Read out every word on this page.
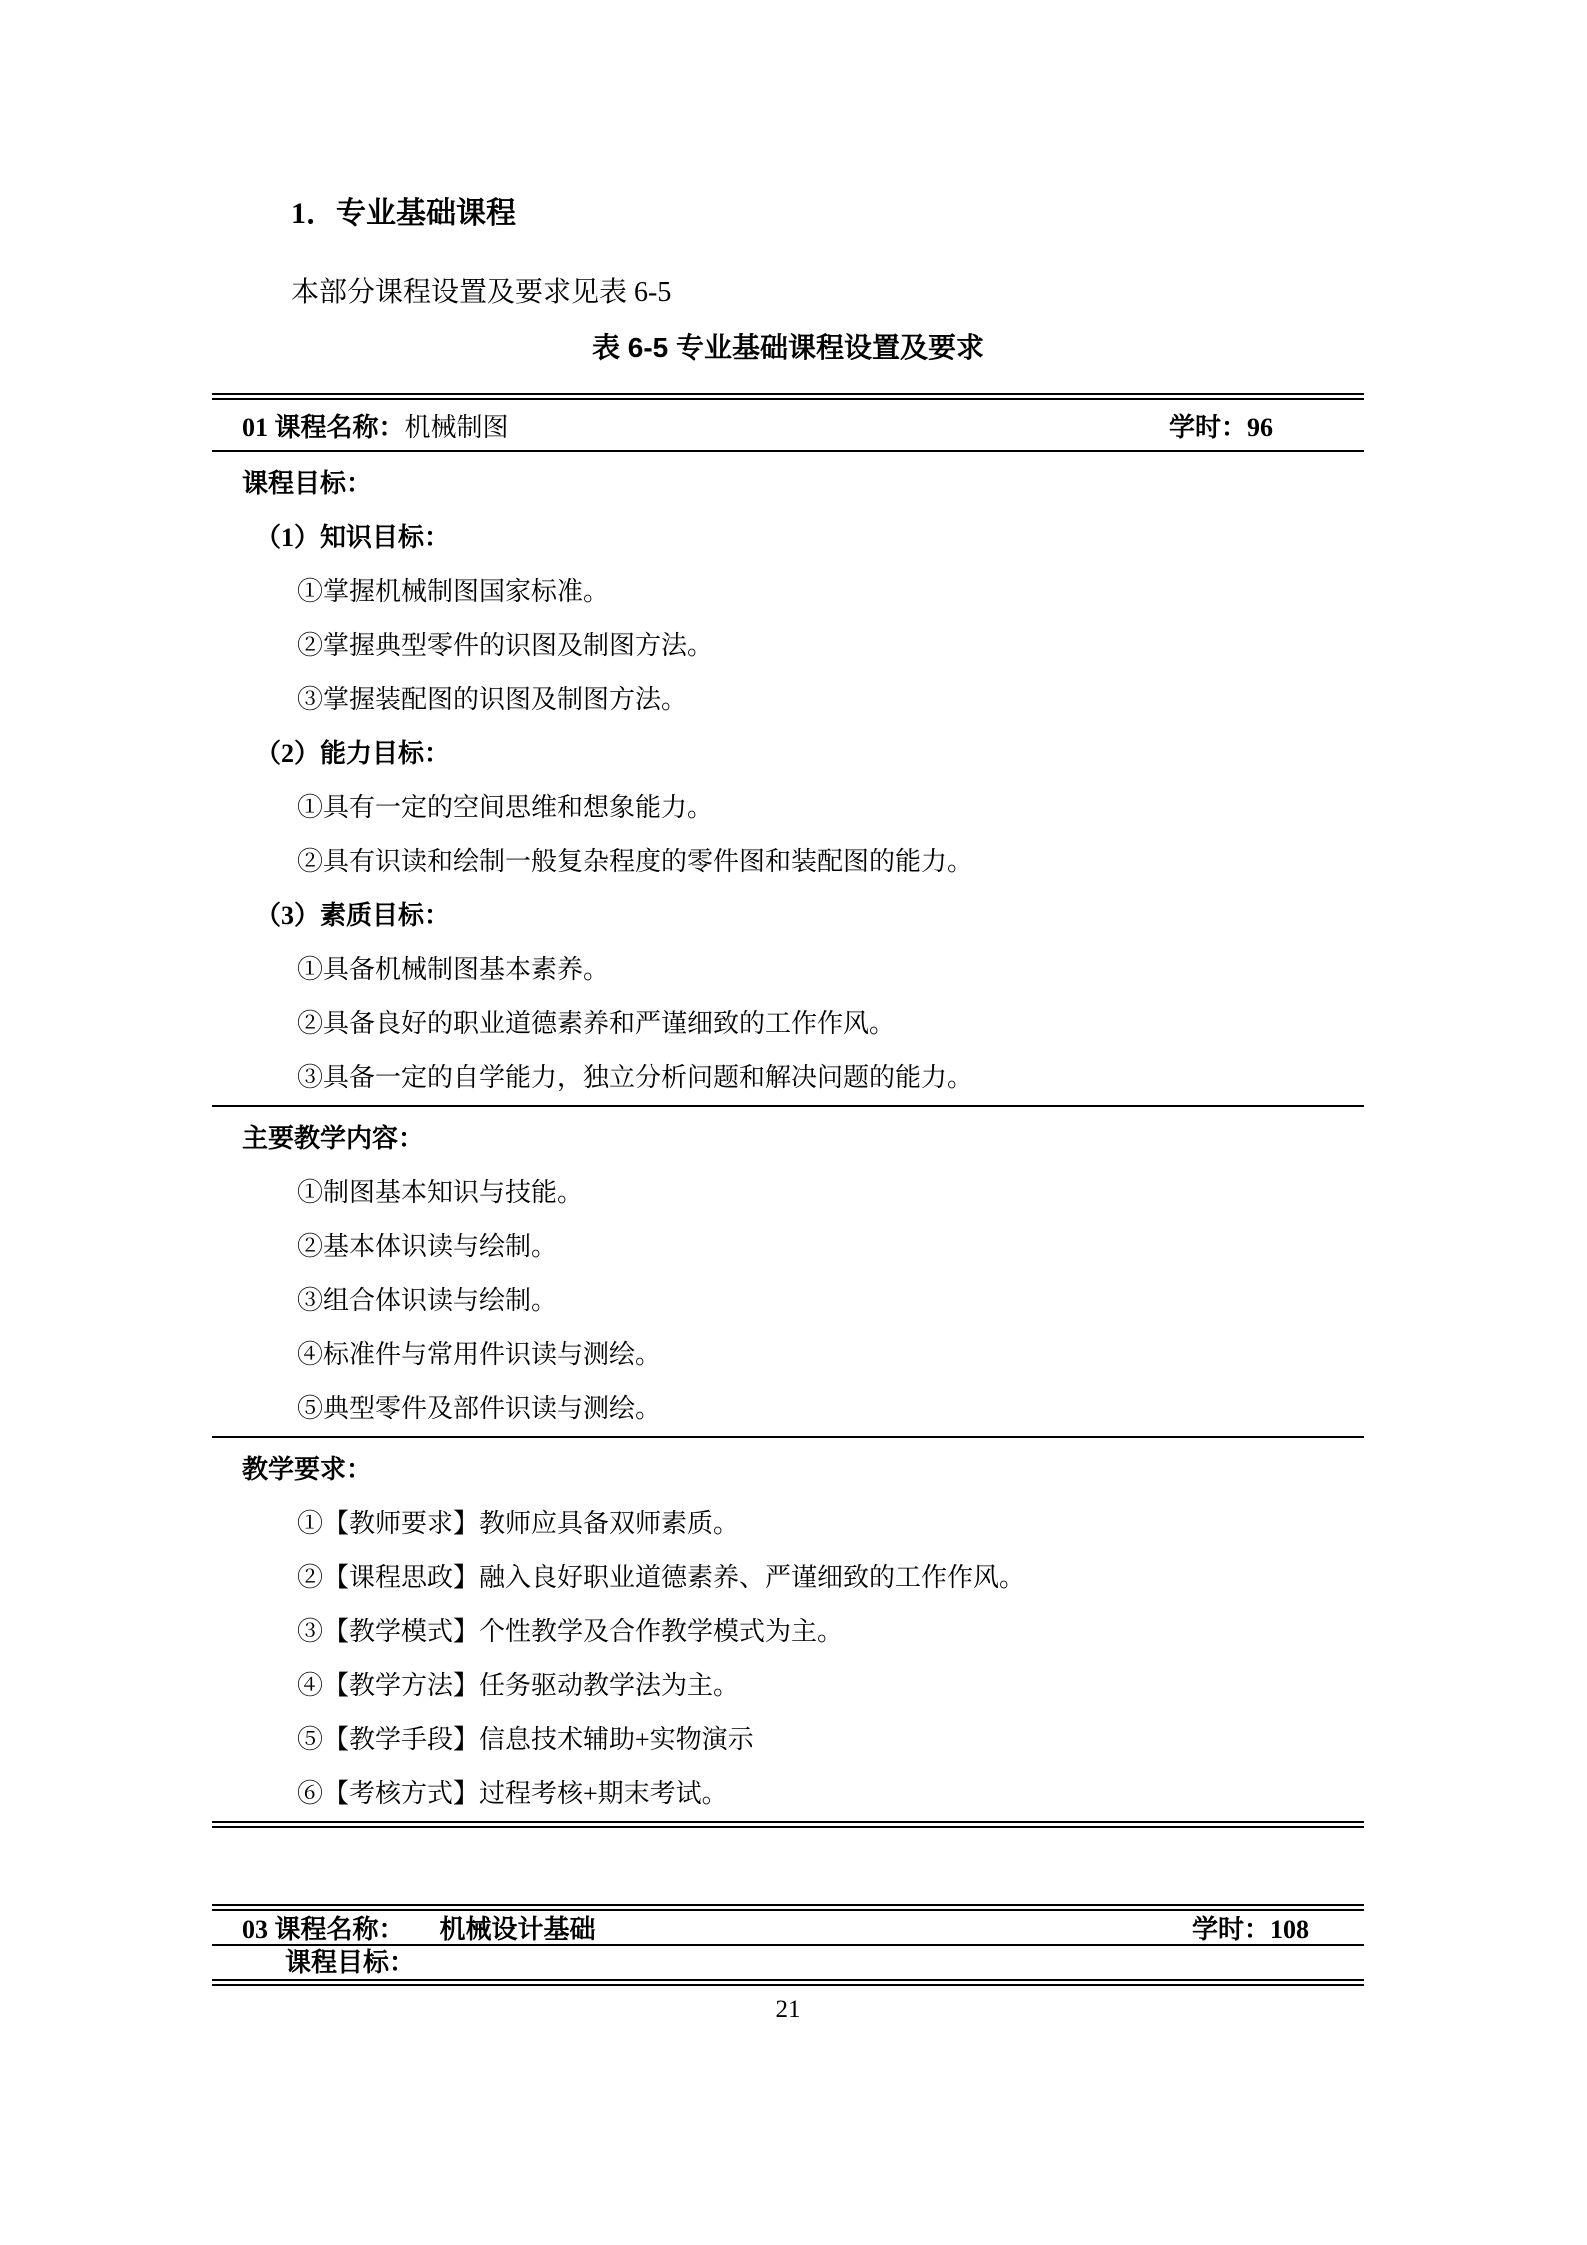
1．专业基础课程
本部分课程设置及要求见表 6-5
表 6-5 专业基础课程设置及要求
01 课程名称：机械制图	学时：96
课程目标：
（1）知识目标：
①掌握机械制图国家标准。
②掌握典型零件的识图及制图方法。
③掌握装配图的识图及制图方法。
（2）能力目标：
①具有一定的空间思维和想象能力。
②具有识读和绘制一般复杂程度的零件图和装配图的能力。
（3）素质目标：
①具备机械制图基本素养。
②具备良好的职业道德素养和严谨细致的工作作风。
③具备一定的自学能力，独立分析问题和解决问题的能力。
主要教学内容：
①制图基本知识与技能。
②基本体识读与绘制。
③组合体识读与绘制。
④标准件与常用件识读与测绘。
⑤典型零件及部件识读与测绘。
教学要求：
①【教师要求】教师应具备双师素质。
②【课程思政】融入良好职业道德素养、严谨细致的工作作风。
③【教学模式】个性教学及合作教学模式为主。
④【教学方法】任务驱动教学法为主。
⑤【教学手段】信息技术辅助+实物演示
⑥【考核方式】过程考核+期末考试。
03 课程名称： 机械设计基础	学时：108
课程目标：
21
